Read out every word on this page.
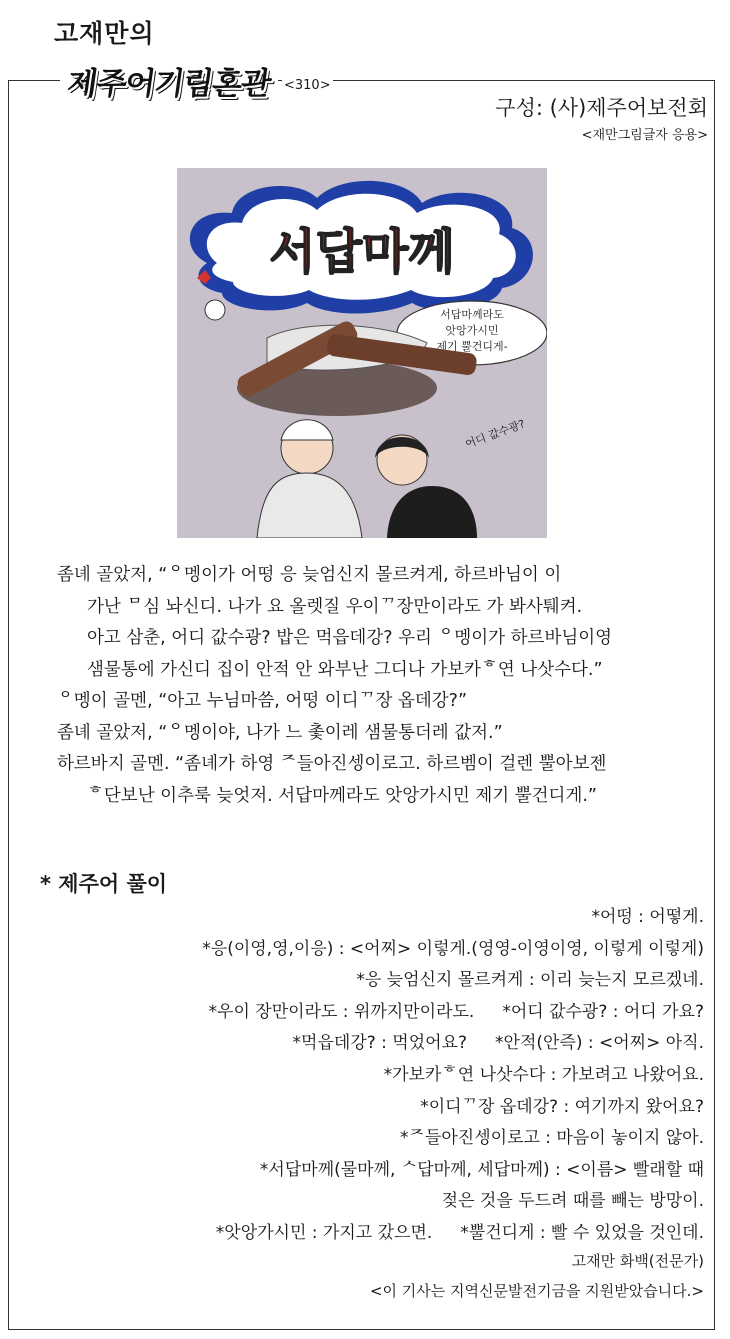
고재만의
제주어기림혼관 <310>
구성: (사)제주어보전회
<재만그림글자 응용>
서답마께
서답마께라도
앗앙가시민
제기 뿔건디게-
어디 값수광?
좀녜 골았저, “ᄋ멩이가 어떵 응 늦엄신지 몰르켜게, 하르바님이 이
가난 ᄆ심 놔신디. 나가 요 올렛질 우이ᄁ장만이라도 가 봐사퉤켜.
아고 삼춘, 어디 값수광? 밥은 먹읍데강? 우리 ᄋ멩이가 하르바님이영
샘물통에 가신디 집이 안적 안 와부난 그디나 가보카ᄒ연 나삿수다.”
ᄋ멩이 골멘, “아고 누님마씀, 어떵 이디ᄁ장 옵데강?”
좀녜 골았저, “ᄋ멩이야, 나가 느 촟이레 샘물통더레 값저.”
하르바지 골멘. “좀녜가 하영 ᄌ들아진셍이로고. 하르벰이 걸렌 뿔아보젠
ᄒ단보난 이추룩 늦엇저. 서답마께라도 앗앙가시민 제기 뿔건디게.”
* 제주어 풀이
*어떵 : 어떻게.
*응(이영,영,이응) : <어찌> 이렇게.(영영-이영이영, 이렇게 이렇게)
*응 늦엄신지 몰르켜게 : 이리 늦는지 모르겠네.
*우이 장만이라도 : 위까지만이라도. *어디 값수광? : 어디 가요?
*먹읍데강? : 먹었어요? *안적(안즉) : <어찌> 아직.
*가보카ᄒ연 나삿수다 : 가보려고 나왔어요.
*이디ᄁ장 옵데강? : 여기까지 왔어요?
*ᄌ들아진셍이로고 : 마음이 놓이지 않아.
*서답마께(물마께, ᄉ답마께, 세답마께) : <이름> 빨래할 때
젖은 것을 두드려 때를 빼는 방망이.
*앗앙가시민 : 가지고 갔으면. *뿔건디게 : 빨 수 있었을 것인데.
고재만 화백(전문가)
<이 기사는 지역신문발전기금을 지원받았습니다.>
